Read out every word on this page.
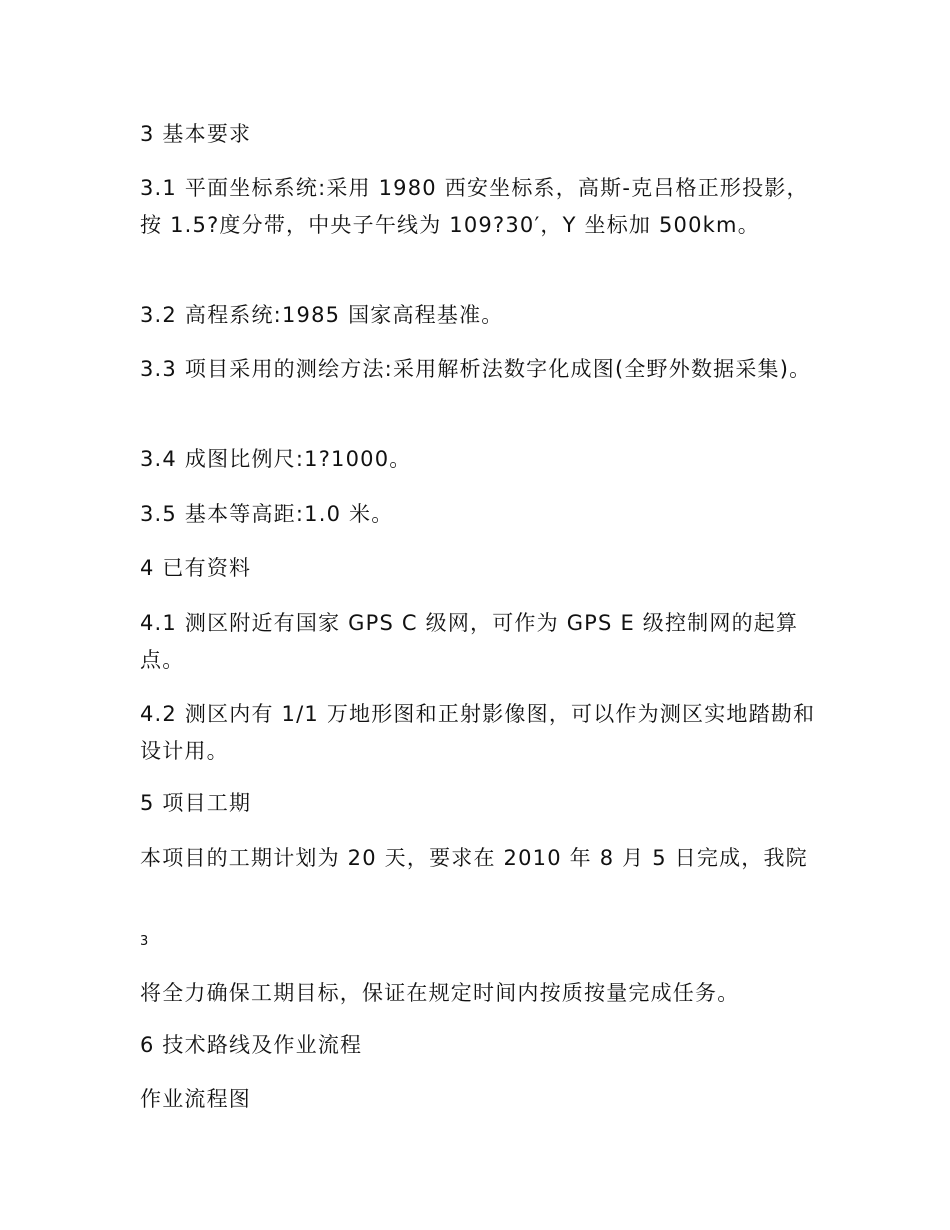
3 基本要求

3.1 平面坐标系统:采用 1980 西安坐标系，高斯-克吕格正形投影，按 1.5?度分带，中央子午线为 109?30′，Y 坐标加 500km。

3.2 高程系统:1985 国家高程基准。

3.3 项目采用的测绘方法:采用解析法数字化成图(全野外数据采集)。

3.4 成图比例尺:1?1000。

3.5 基本等高距:1.0 米。

4 已有资料

4.1 测区附近有国家 GPS C 级网，可作为 GPS E 级控制网的起算点。

4.2 测区内有 1/1 万地形图和正射影像图，可以作为测区实地踏勘和设计用。

5 项目工期

本项目的工期计划为 20 天，要求在 2010 年 8 月 5 日完成，我院

3

将全力确保工期目标，保证在规定时间内按质按量完成任务。

6 技术路线及作业流程

作业流程图
